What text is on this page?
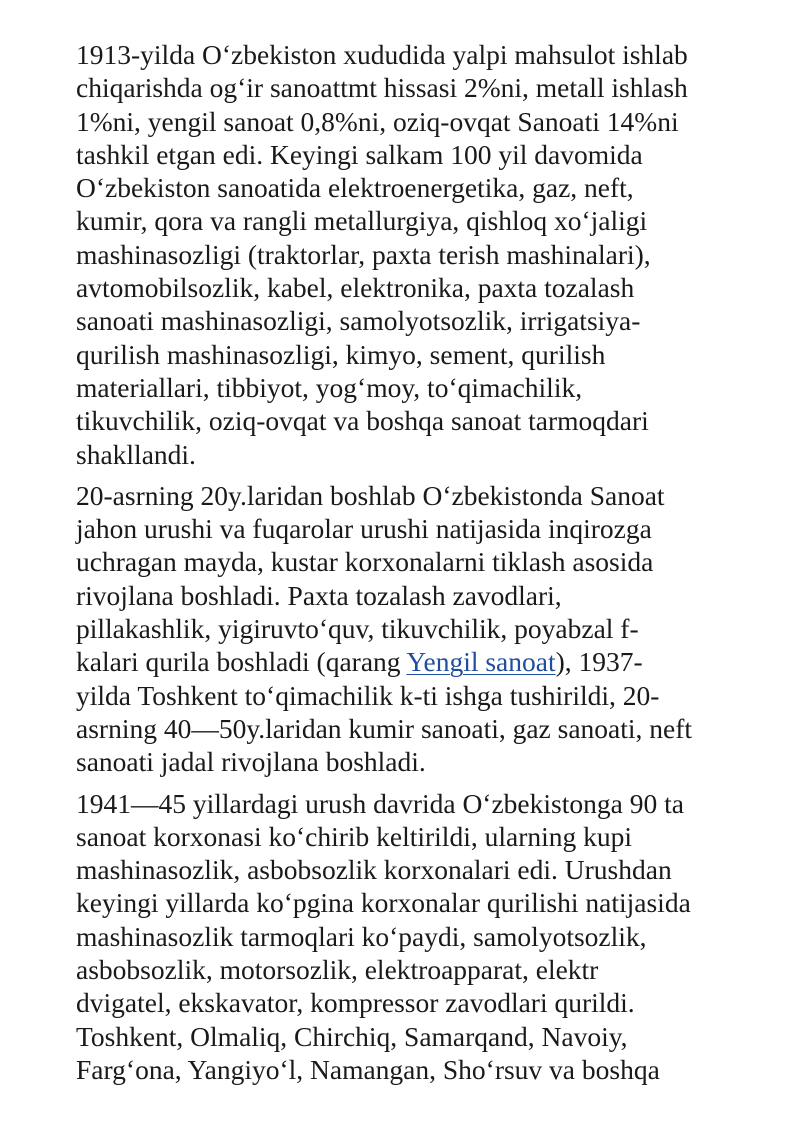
1913-yilda O‘zbekiston xududida yalpi mahsulot ishlab
chiqarishda og‘ir sanoattmt hissasi 2%ni, metall ishlash
1%ni, yengil sanoat 0,8%ni, oziq-ovqat Sanoati 14%ni
tashkil etgan edi. Keyingi salkam 100 yil davomida
O‘zbekiston sanoatida elektroenergetika, gaz, neft,
kumir, qora va rangli metallurgiya, qishloq xo‘jaligi
mashinasozligi (traktorlar, paxta terish mashinalari),
avtomobilsozlik, kabel, elektronika, paxta tozalash
sanoati mashinasozligi, samolyotsozlik, irrigatsiya-
qurilish mashinasozligi, kimyo, sement, qurilish
materiallari, tibbiyot, yog‘moy, to‘qimachilik,
tikuvchilik, oziq-ovqat va boshqa sanoat tarmoqdari
shakllandi.

20-asrning 20y.laridan boshlab O‘zbekistonda Sanoat
jahon urushi va fuqarolar urushi natijasida inqirozga
uchragan mayda, kustar korxonalarni tiklash asosida
rivojlana boshladi. Paxta tozalash zavodlari,
pillakashlik, yigiruvto‘quv, tikuvchilik, poyabzal f-
kalari qurila boshladi (qarang Yengil sanoat), 1937-
yilda Toshkent to‘qimachilik k-ti ishga tushirildi, 20-
asrning 40—50y.laridan kumir sanoati, gaz sanoati, neft
sanoati jadal rivojlana boshladi.

1941—45 yillardagi urush davrida O‘zbekistonga 90 ta
sanoat korxonasi ko‘chirib keltirildi, ularning kupi
mashinasozlik, asbobsozlik korxonalari edi. Urushdan
keyingi yillarda ko‘pgina korxonalar qurilishi natijasida
mashinasozlik tarmoqlari ko‘paydi, samolyotsozlik,
asbobsozlik, motorsozlik, elektroapparat, elektr
dvigatel, ekskavator, kompressor zavodlari qurildi.
Toshkent, Olmaliq, Chirchiq, Samarqand, Navoiy,
Farg‘ona, Yangiyo‘l, Namangan, Sho‘rsuv va boshqa
